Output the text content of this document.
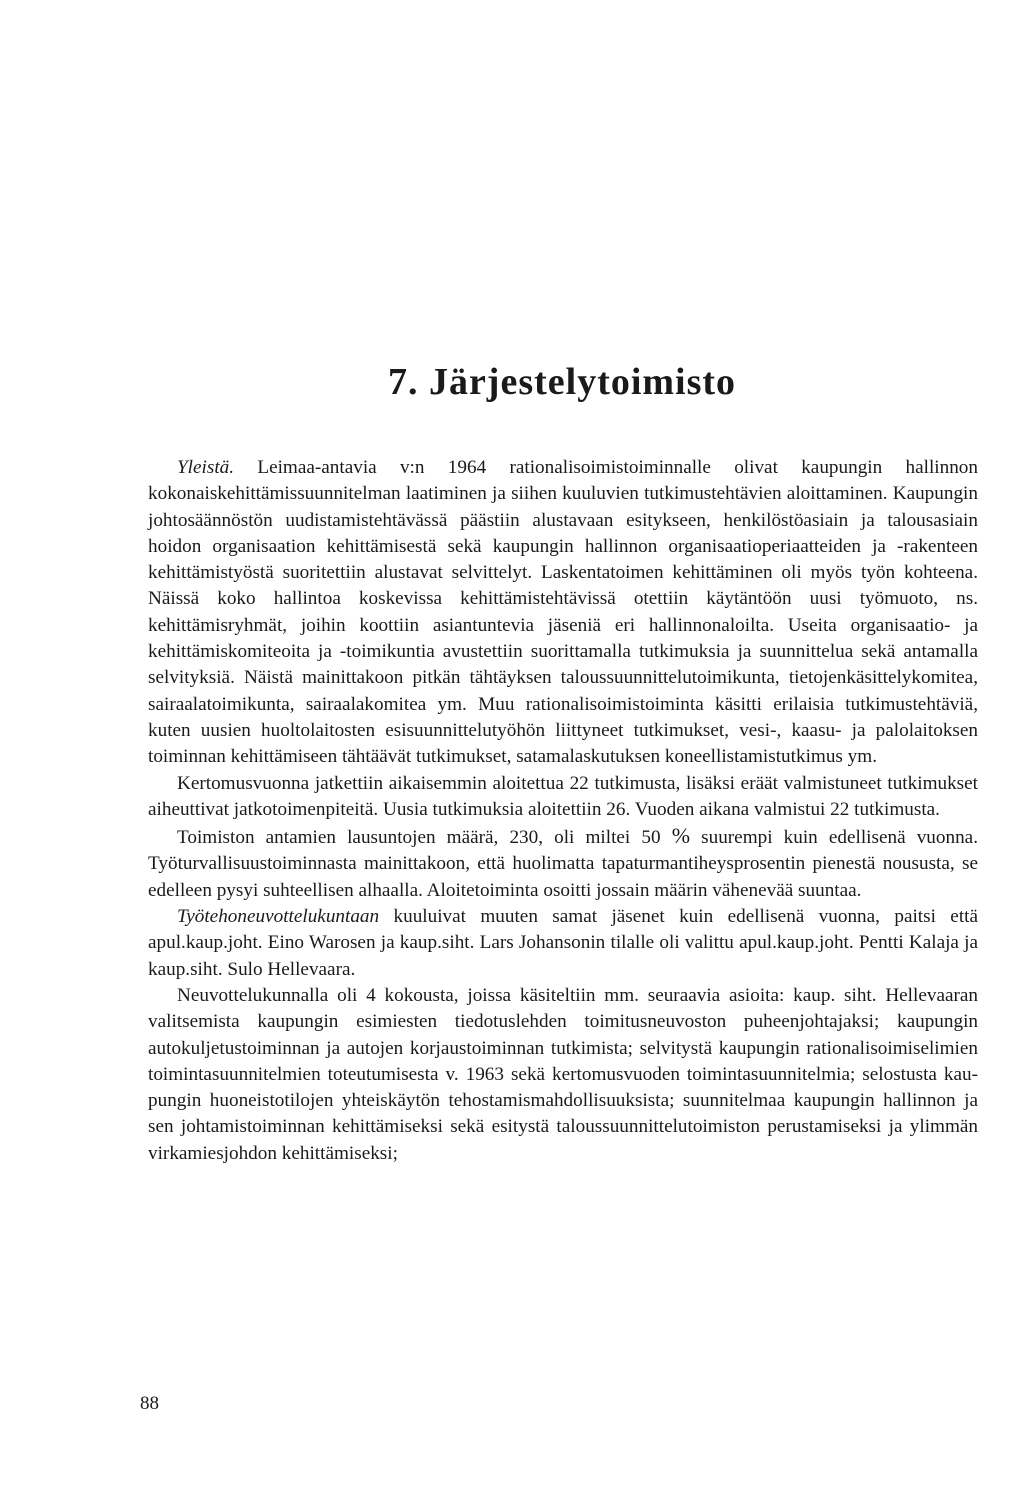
7. Järjestelytoimisto

Yleistä. Leimaa-antavia v:n 1964 rationalisoimistoiminnalle olivat kaupungin hallinnon kokonaiskehittämissuunnitelman laatiminen ja siihen kuuluvien tutkimustehtävien aloittaminen. Kaupungin johtosäännöstön uudistamistehtävässä päästiin alustavaan esitykseen, henkilöstöasiain ja talousasiain hoidon organisaation kehittämisestä sekä kaupungin hallinnon organisaatioperiaatteiden ja -rakenteen kehittämistyöstä suoritettiin alustavat selvittelyt. Laskentatoimen kehittäminen oli myös työn kohteena. Näissä koko hallintoa koskevissa kehittämistehtävissä otettiin käytäntöön uusi työmuoto, ns. kehittämisryhmät, joihin koottiin asiantuntevia jäseniä eri hallinnonaloilta. Useita organisaatio- ja kehittämiskomiteoita ja -toimikuntia avustettiin suorittamalla tutkimuksia ja suunnittelua sekä antamalla selvityksiä. Näistä mainittakoon pitkän tähtäyksen taloussuunnittelutoimikunta, tietojenkäsittelykomitea, sairaalatoimikunta, sairaalakomitea ym. Muu rationalisoimistoiminta käsitti erilaisia tutkimustehtäviä, kuten uusien huoltolaitosten esisuunnittelutyöhön liittyneet tutkimukset, vesi-, kaasu- ja palolaitoksen toiminnan kehittämiseen tähtäävät tutkimukset, satamalaskutuksen koneellistamistutkimus ym.

Kertomusvuonna jatkettiin aikaisemmin aloitettua 22 tutkimusta, lisäksi eräät valmistuneet tutkimukset aiheuttivat jatkotoimenpiteitä. Uusia tutkimuksia aloitettiin 26. Vuoden aikana valmistui 22 tutkimusta.

Toimiston antamien lausuntojen määrä, 230, oli miltei 50 % suurempi kuin edellisenä vuonna. Työturvallisuustoiminnasta mainittakoon, että huolimatta tapaturmantiheysprosentin pienestä noususta, se edelleen pysyi suhteellisen alhaalla. Aloitetoiminta osoitti jossain määrin vähenevää suuntaa.

Työtehoneuvottelukuntaan kuuluivat muuten samat jäsenet kuin edellisenä vuonna, paitsi että apul.kaup.joht. Eino Warosen ja kaup.siht. Lars Johansonin tilalle oli valittu apul.kaup.joht. Pentti Kalaja ja kaup.siht. Sulo Hellevaara.

Neuvottelukunnalla oli 4 kokousta, joissa käsiteltiin mm. seuraavia asioita: kaup. siht. Hellevaaran valitsemista kaupungin esimiesten tiedotuslehden toimitusneuvoston puheenjohtajaksi; kaupungin autokuljetustoiminnan ja autojen korjaustoiminnan tutkimista; selvitystä kaupungin rationalisoimiselimien toimintasuunnitelmien toteutumisesta v. 1963 sekä kertomusvuoden toimintasuunnitelmia; selostusta kaupungin huoneistotilojen yhteiskäytön tehostamismahdollisuuksista; suunnitelmaa kaupungin hallinnon ja sen johtamistoiminnan kehittämiseksi sekä esitystä taloussuunnittelutoimiston perustamiseksi ja ylimmän virkamiesjohdon kehittämiseksi;

88
